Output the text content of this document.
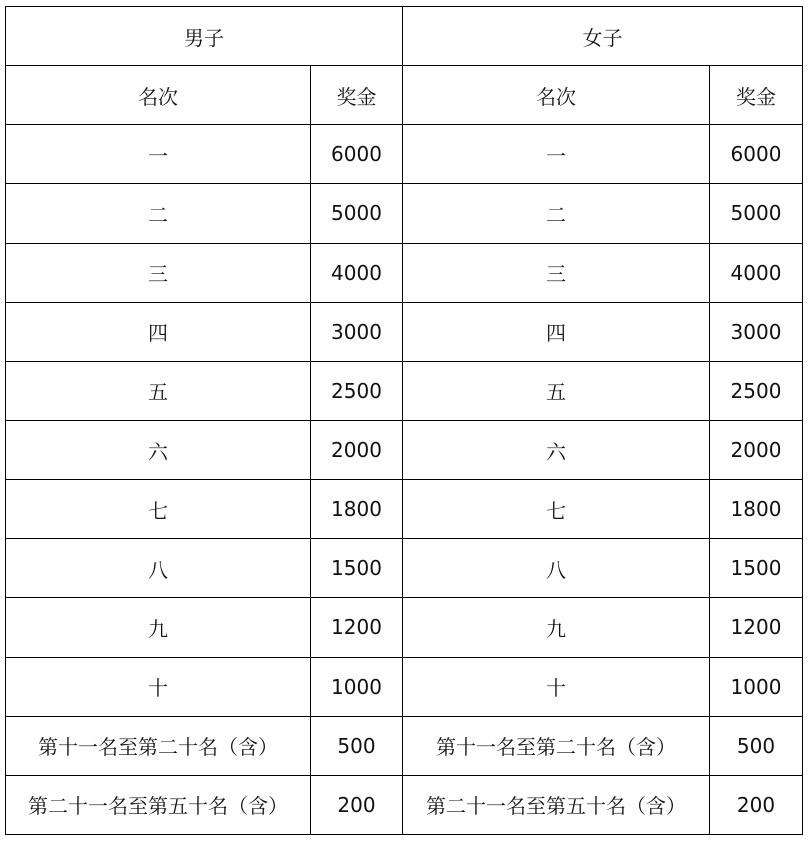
男子		女子	
名次	奖金	名次	奖金
一	6000	一	6000
二	5000	二	5000
三	4000	三	4000
四	3000	四	3000
五	2500	五	2500
六	2000	六	2000
七	1800	七	1800
八	1500	八	1500
九	1200	九	1200
十	1000	十	1000
第十一名至第二十名（含）	500	第十一名至第二十名（含）	500
第二十一名至第五十名（含）	200	第二十一名至第五十名（含）	200
